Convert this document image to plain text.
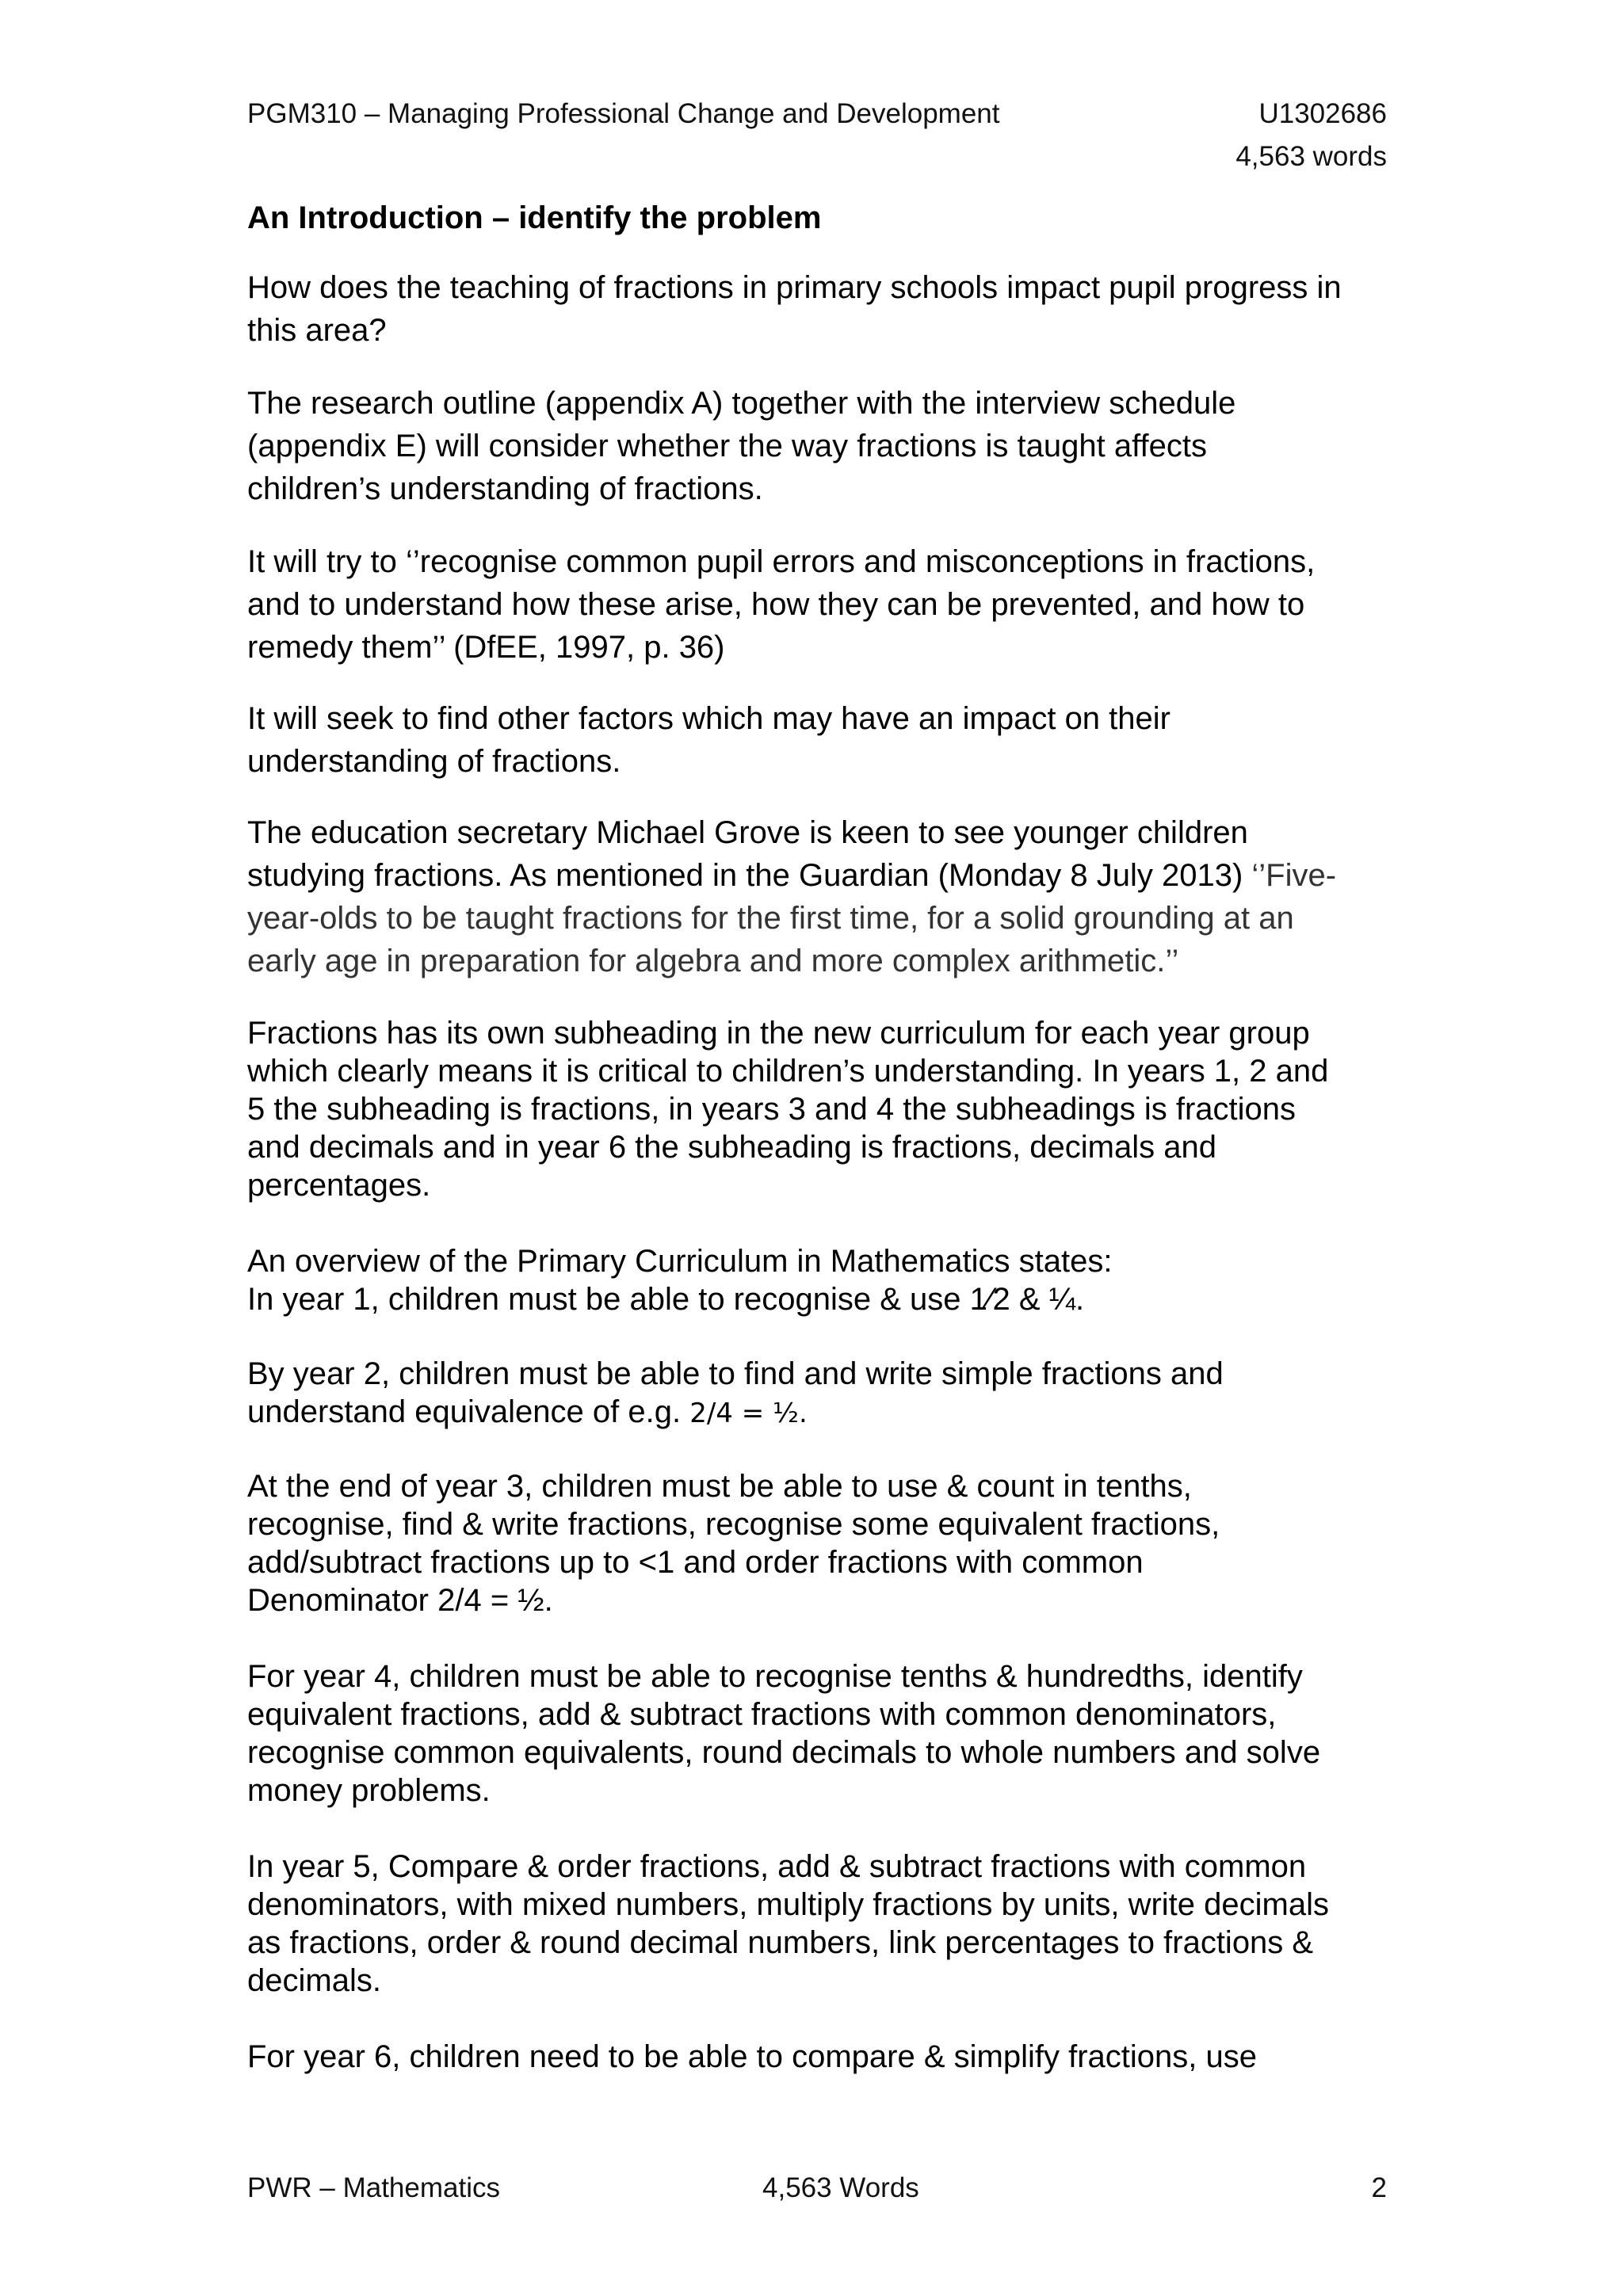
PGM310 – Managing Professional Change and Development	U1302686
4,563 words

An Introduction – identify the problem

How does the teaching of fractions in primary schools impact pupil progress in
this area?

The research outline (appendix A) together with the interview schedule
(appendix E) will consider whether the way fractions is taught affects
children’s understanding of fractions.

It will try to ‘’recognise common pupil errors and misconceptions in fractions,
and to understand how these arise, how they can be prevented, and how to
remedy them’’ (DfEE, 1997, p. 36)

It will seek to find other factors which may have an impact on their
understanding of fractions.

The education secretary Michael Grove is keen to see younger children
studying fractions. As mentioned in the Guardian (Monday 8 July 2013) ‘’Five-
year-olds to be taught fractions for the first time, for a solid grounding at an
early age in preparation for algebra and more complex arithmetic.’’

Fractions has its own subheading in the new curriculum for each year group
which clearly means it is critical to children’s understanding. In years 1, 2 and
5 the subheading is fractions, in years 3 and 4 the subheadings is fractions
and decimals and in year 6 the subheading is fractions, decimals and
percentages.

An overview of the Primary Curriculum in Mathematics states:
In year 1, children must be able to recognise & use 1⁄2 & ¼.

By year 2, children must be able to find and write simple fractions and
understand equivalence of e.g. 2/4 = ½.

At the end of year 3, children must be able to use & count in tenths,
recognise, find & write fractions, recognise some equivalent fractions,
add/subtract fractions up to <1 and order fractions with common
Denominator 2/4 = ½.

For year 4, children must be able to recognise tenths & hundredths, identify
equivalent fractions, add & subtract fractions with common denominators,
recognise common equivalents, round decimals to whole numbers and solve
money problems.

In year 5, Compare & order fractions, add & subtract fractions with common
denominators, with mixed numbers, multiply fractions by units, write decimals
as fractions, order & round decimal numbers, link percentages to fractions &
decimals.

For year 6, children need to be able to compare & simplify fractions, use

PWR – Mathematics	4,563 Words	2
